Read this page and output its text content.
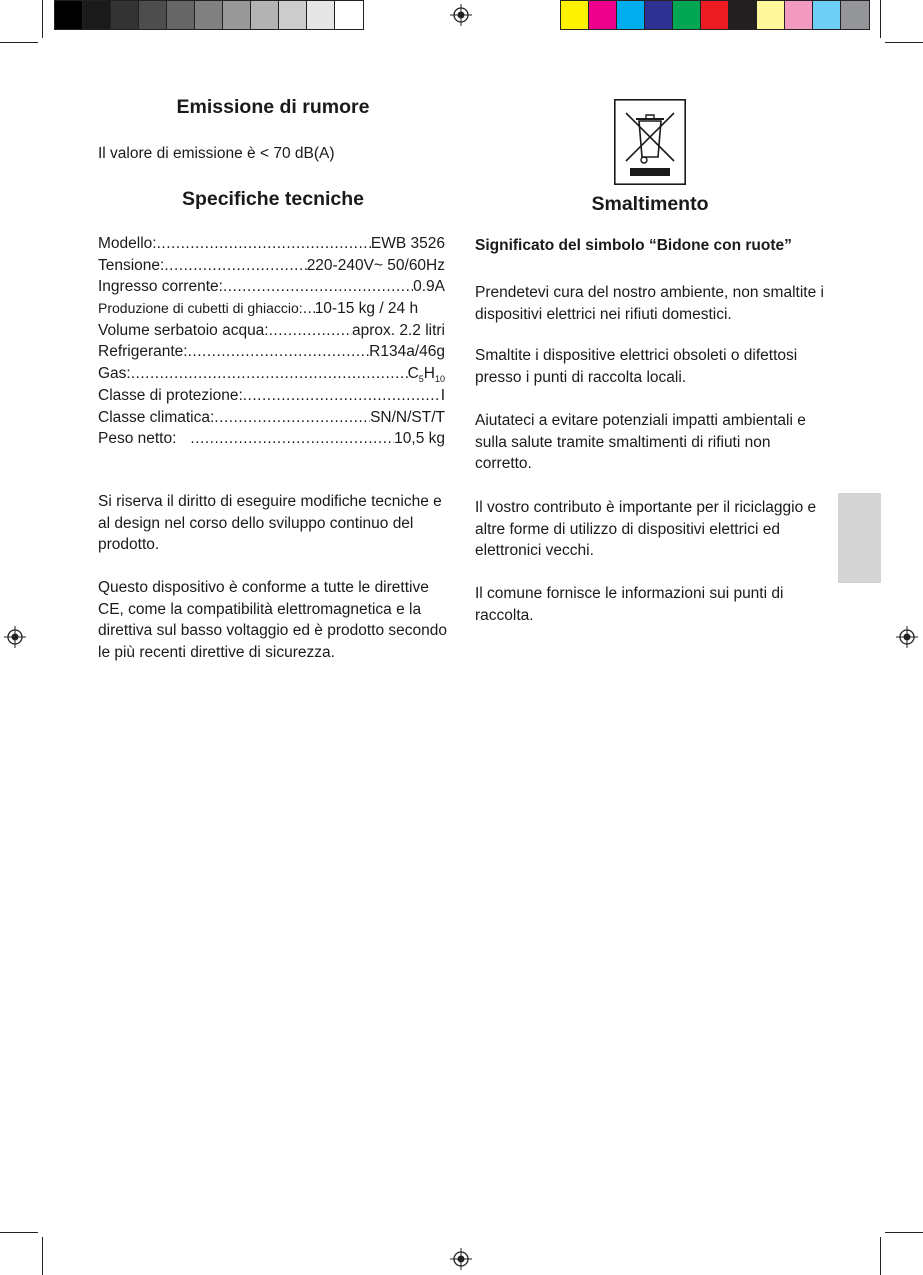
Emissione di rumore

Il valore di emissione è < 70 dB(A)

Specifiche tecniche
Modello: .....	EWB 3526
Tensione: .....	220-240V~ 50/60Hz
Ingresso corrente: .....	0.9A
Produzione di cubetti di ghiaccio: ..... 10-15 kg / 24 h
Volume serbatoio acqua: .....	aprox. 2.2 litri
Refrigerante: .....	R134a/46g
Gas: .....	$C_5H_{10}$
Classe di protezione: .....	I
Classe climatica: .....	SN/N/ST/T
Peso netto: .....	10,5 kg

Si riserva il diritto di eseguire modifiche tecniche e al design nel corso dello sviluppo continuo del prodotto.

Questo dispositivo è conforme a tutte le direttive CE, come la compatibilità elettromagnetica e la direttiva sul basso voltaggio ed è prodotto secondo le più recenti direttive di sicurezza.

Smaltimento

Significato del simbolo “Bidone con ruote”

Prendetevi cura del nostro ambiente, non smaltite i dispositivi elettrici nei rifiuti domestici.

Smaltite i dispositive elettrici obsoleti o difettosi presso i punti di raccolta locali.

Aiutateci a evitare potenziali impatti ambientali e sulla salute tramite smaltimenti di rifiuti non corretto.

Il vostro contributo è importante per il riciclaggio e altre forme di utilizzo di dispositivi elettrici ed elettronici vecchi.

Il comune fornisce le informazioni sui punti di raccolta.
